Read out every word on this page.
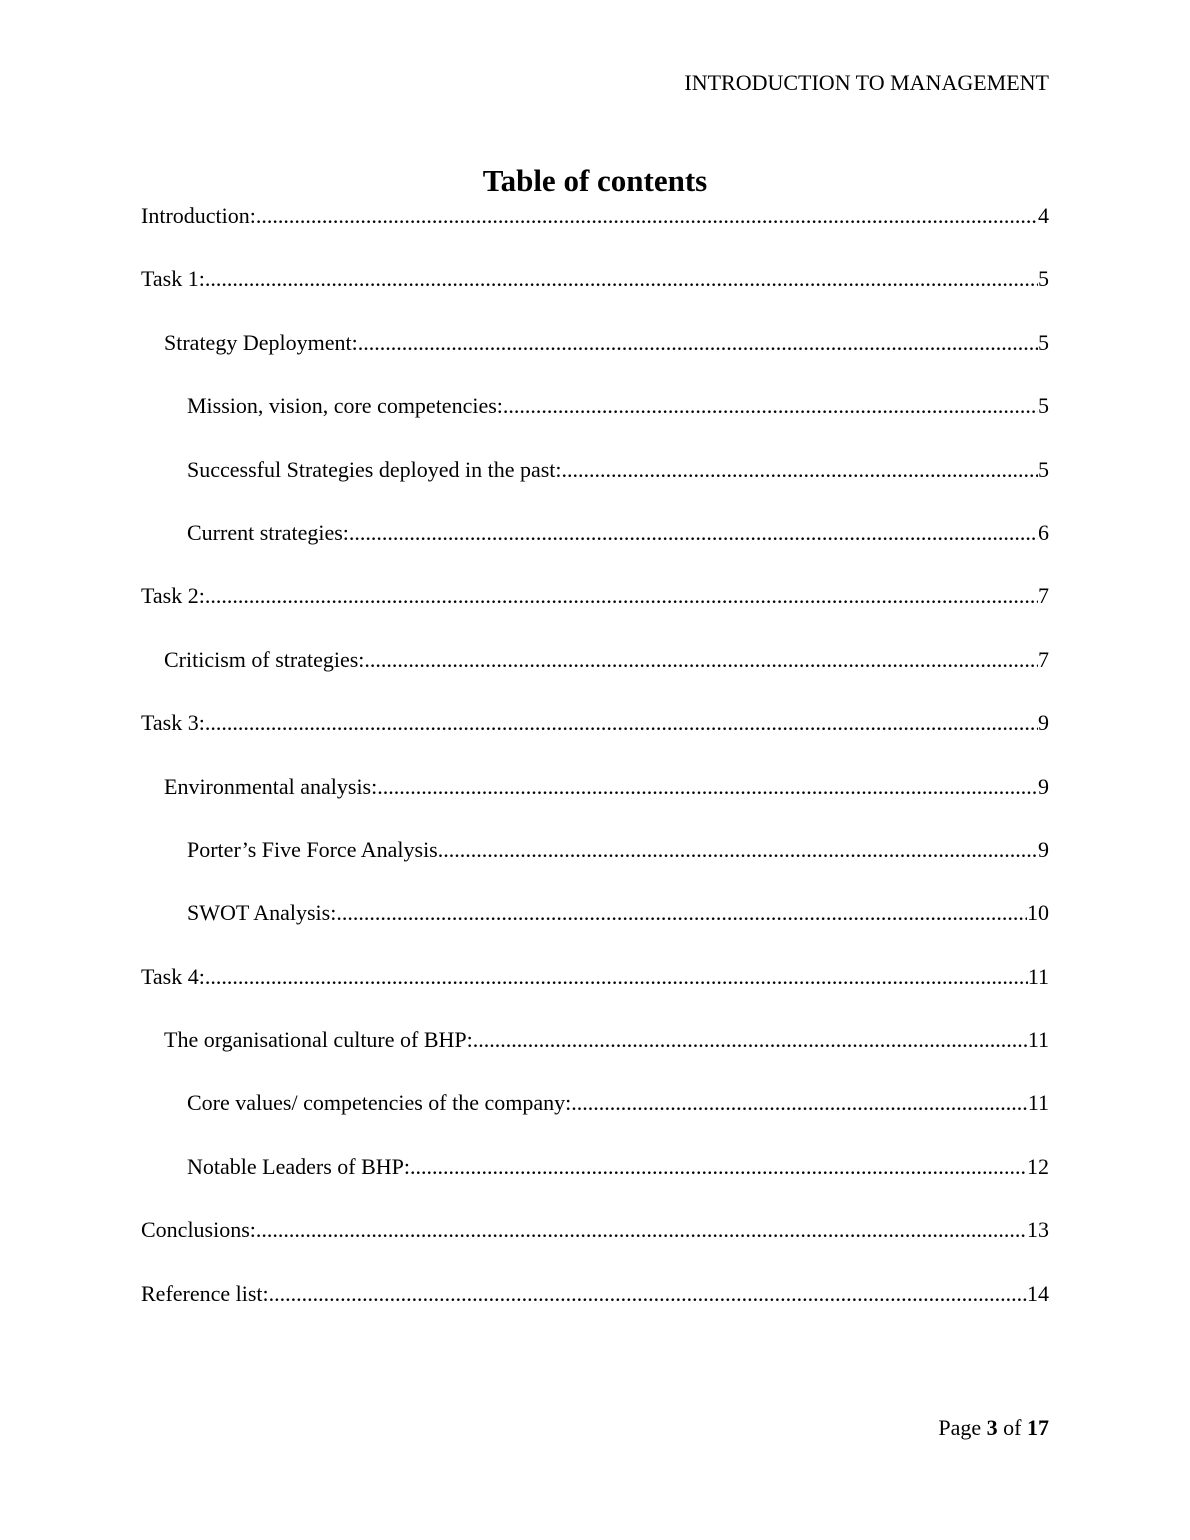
INTRODUCTION TO MANAGEMENT
Table of contents
Introduction: .....	4
Task 1: .....	5
Strategy Deployment: .....	5
Mission, vision, core competencies: .....	5
Successful Strategies deployed in the past: .....	5
Current strategies: .....	6
Task 2: .....	7
Criticism of strategies: .....	7
Task 3: .....	9
Environmental analysis: .....	9
Porter’s Five Force Analysis .....	9
SWOT Analysis: .....	10
Task 4: .....	11
The organisational culture of BHP: .....	11
Core values/ competencies of the company: .....	11
Notable Leaders of BHP: .....	12
Conclusions: .....	13
Reference list: .....	14
Page 3 of 17
